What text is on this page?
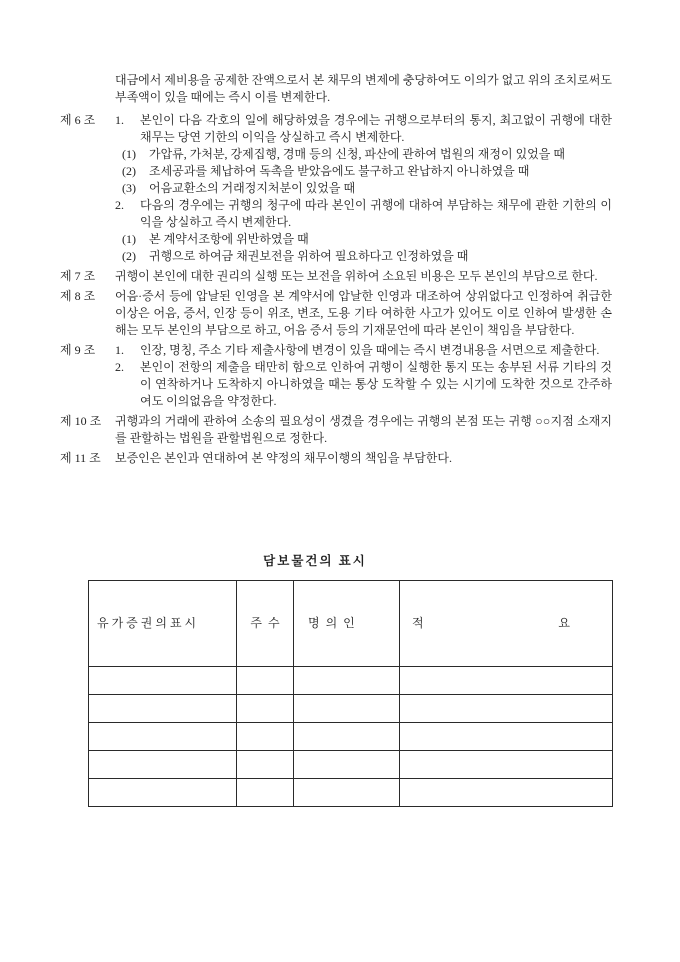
대금에서 제비용을 공제한 잔액으로서 본 채무의 변제에 충당하여도 이의가 없고 위의 조치로써도 부족액이 있을 때에는 즉시 이를 변제한다.

제 6 조	1.	본인이 다음 각호의 일에 해당하였을 경우에는 귀행으로부터의 통지, 최고없이 귀행에 대한 채무는 당연 기한의 이익을 상실하고 즉시 변제한다.
(1)	가압류, 가처분, 강제집행, 경매 등의 신청, 파산에 관하여 법원의 재정이 있었을 때
(2)	조세공과를 체납하여 독촉을 받았음에도 불구하고 완납하지 아니하였을 때
(3)	어음교환소의 거래정지처분이 있었을 때
2.	다음의 경우에는 귀행의 청구에 따라 본인이 귀행에 대하여 부담하는 채무에 관한 기한의 이익을 상실하고 즉시 변제한다.
(1)	본 계약서조항에 위반하였을 때
(2)	귀행으로 하여금 채권보전을 위하여 필요하다고 인정하였을 때
제 7 조	귀행이 본인에 대한 권리의 실행 또는 보전을 위하여 소요된 비용은 모두 본인의 부담으로 한다.
제 8 조	어음·증서 등에 압날된 인영을 본 계약서에 압날한 인영과 대조하여 상위없다고 인정하여 취급한 이상은 어음, 증서, 인장 등이 위조, 변조, 도용 기타 여하한 사고가 있어도 이로 인하여 발생한 손해는 모두 본인의 부담으로 하고, 어음 증서 등의 기재문언에 따라 본인이 책임을 부담한다.
제 9 조	1.	인장, 명칭, 주소 기타 제출사항에 변경이 있을 때에는 즉시 변경내용을 서면으로 제출한다.
2.	본인이 전항의 제출을 태만히 함으로 인하여 귀행이 실행한 통지 또는 송부된 서류 기타의 것이 연착하거나 도착하지 아니하였을 때는 통상 도착할 수 있는 시기에 도착한 것으로 간주하여도 이의없음을 약정한다.
제 10 조	귀행과의 거래에 관하여 소송의 필요성이 생겼을 경우에는 귀행의 본점 또는 귀행 ○○지점 소재지를 관할하는 법원을 관할법원으로 정한다.
제 11 조	보증인은 본인과 연대하여 본 약정의 채무이행의 책임을 부담한다.
담보물건의 표시
유 가 증 권 의 표 시	주  수	명  의  인	적 요
